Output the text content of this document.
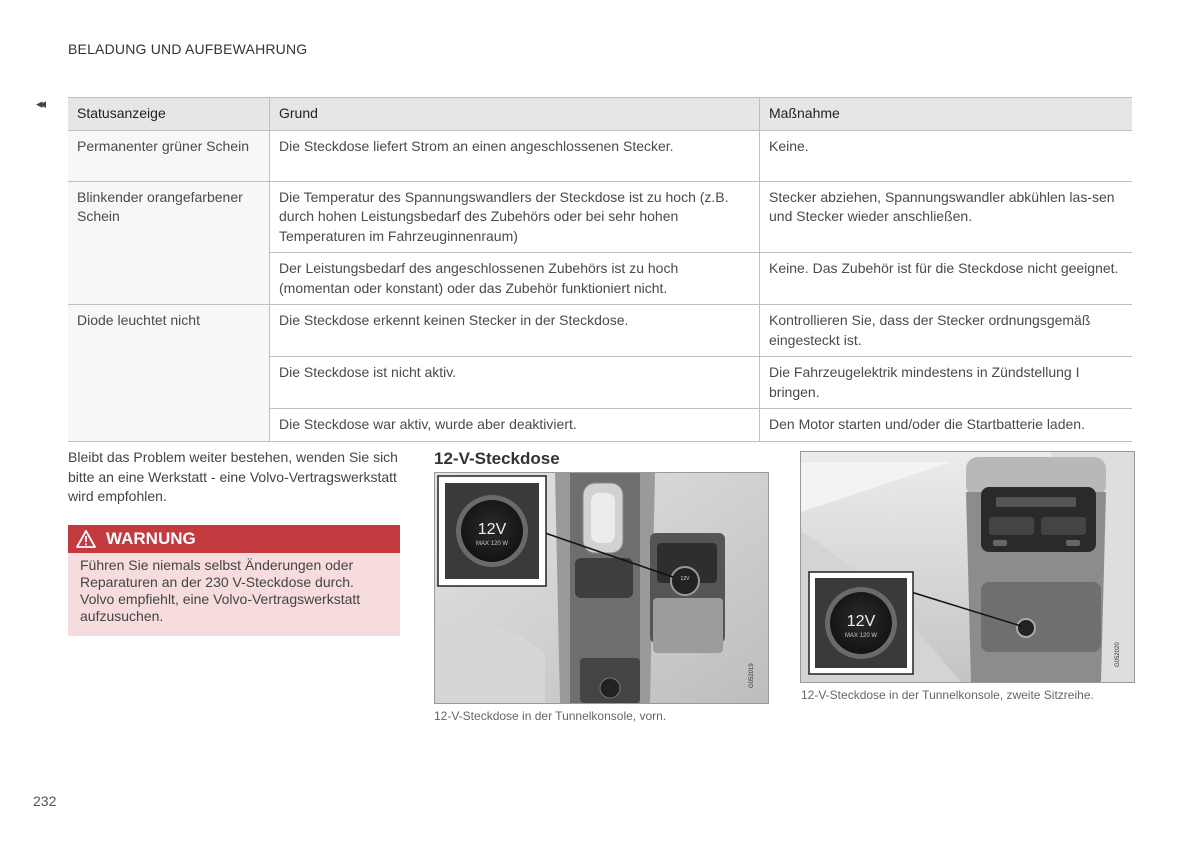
BELADUNG UND AUFBEWAHRUNG
◂◂
Statusanzeige	Grund	Maßnahme
Permanenter grüner Schein	Die Steckdose liefert Strom an einen angeschlossenen Stecker.	Keine.
Blinkender orangefarbener Schein	Die Temperatur des Spannungswandlers der Steckdose ist zu hoch (z.B. durch hohen Leistungsbedarf des Zubehörs oder bei sehr hohen Temperaturen im Fahrzeuginnenraum)	Stecker abziehen, Spannungswandler abkühlen las-sen und Stecker wieder anschließen.
	Der Leistungsbedarf des angeschlossenen Zubehörs ist zu hoch (momentan oder konstant) oder das Zubehör funktioniert nicht.	Keine. Das Zubehör ist für die Steckdose nicht geeignet.
Diode leuchtet nicht	Die Steckdose erkennt keinen Stecker in der Steckdose.	Kontrollieren Sie, dass der Stecker ordnungsgemäß eingesteckt ist.
	Die Steckdose ist nicht aktiv.	Die Fahrzeugelektrik mindestens in Zündstellung I bringen.
	Die Steckdose war aktiv, wurde aber deaktiviert.	Den Motor starten und/oder die Startbatterie laden.
Bleibt das Problem weiter bestehen, wenden Sie sich bitte an eine Werkstatt - eine Volvo-Vertragswerkstatt wird empfohlen.
WARNUNG
Führen Sie niemals selbst Änderungen oder Reparaturen an der 230 V-Steckdose durch. Volvo empfiehlt, eine Volvo-Vertragswerkstatt aufzusuchen.
12-V-Steckdose
12V
12V
MAX 120 W
G052019
12-V-Steckdose in der Tunnelkonsole, vorn.
12V
MAX 120 W
G052020
12-V-Steckdose in der Tunnelkonsole, zweite Sitzreihe.
232
